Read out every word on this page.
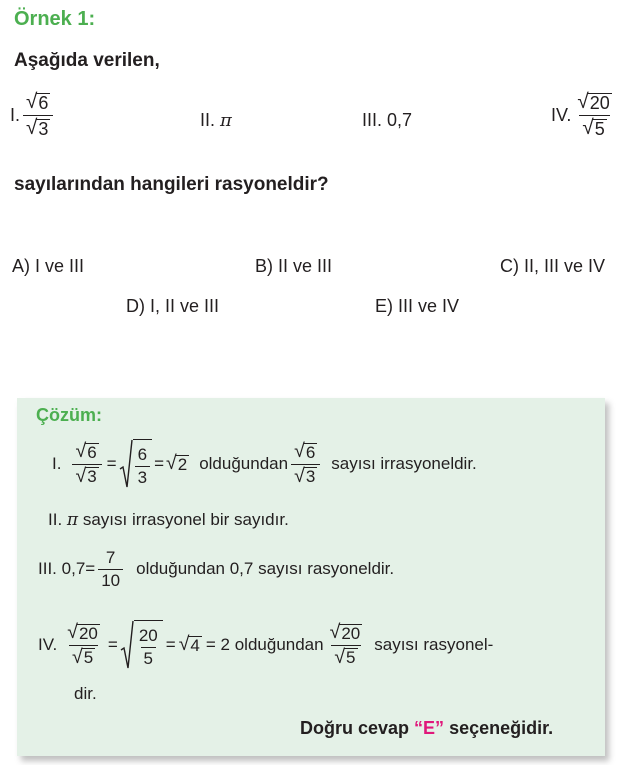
Örnek 1:
Aşağıda verilen,
I. $\frac{√ 6}{√ 3}$	II.
π	III.
0,7	IV. $\frac{√ 20}{√ 5}$
sayılarından hangileri rasyoneldir?
A) I ve III	B) II ve III	C) II, III ve IV
D) I, II ve III	E) III ve IV
Çözüm:
I. $\frac{√ 6}{√ 3} = \frac{6}{3}$ = √ 2 olduğundan $\frac{√ 6}{√ 3}$ sayısı irrasyoneldir.
II.
π
sayısı irrasyonel bir sayıdır.
III.
$0,7= \frac{7}{10}$ olduğundan 0,7 sayısı rasyoneldir.
IV. $\frac{√ 20}{√ 5} = \frac{20}{5}$ = √ 4 = 2 olduğundan $\frac{√ 20}{√ 5}$ sayısı rasyonel-
dir.
Doğru cevap “E” seçeneğidir.
